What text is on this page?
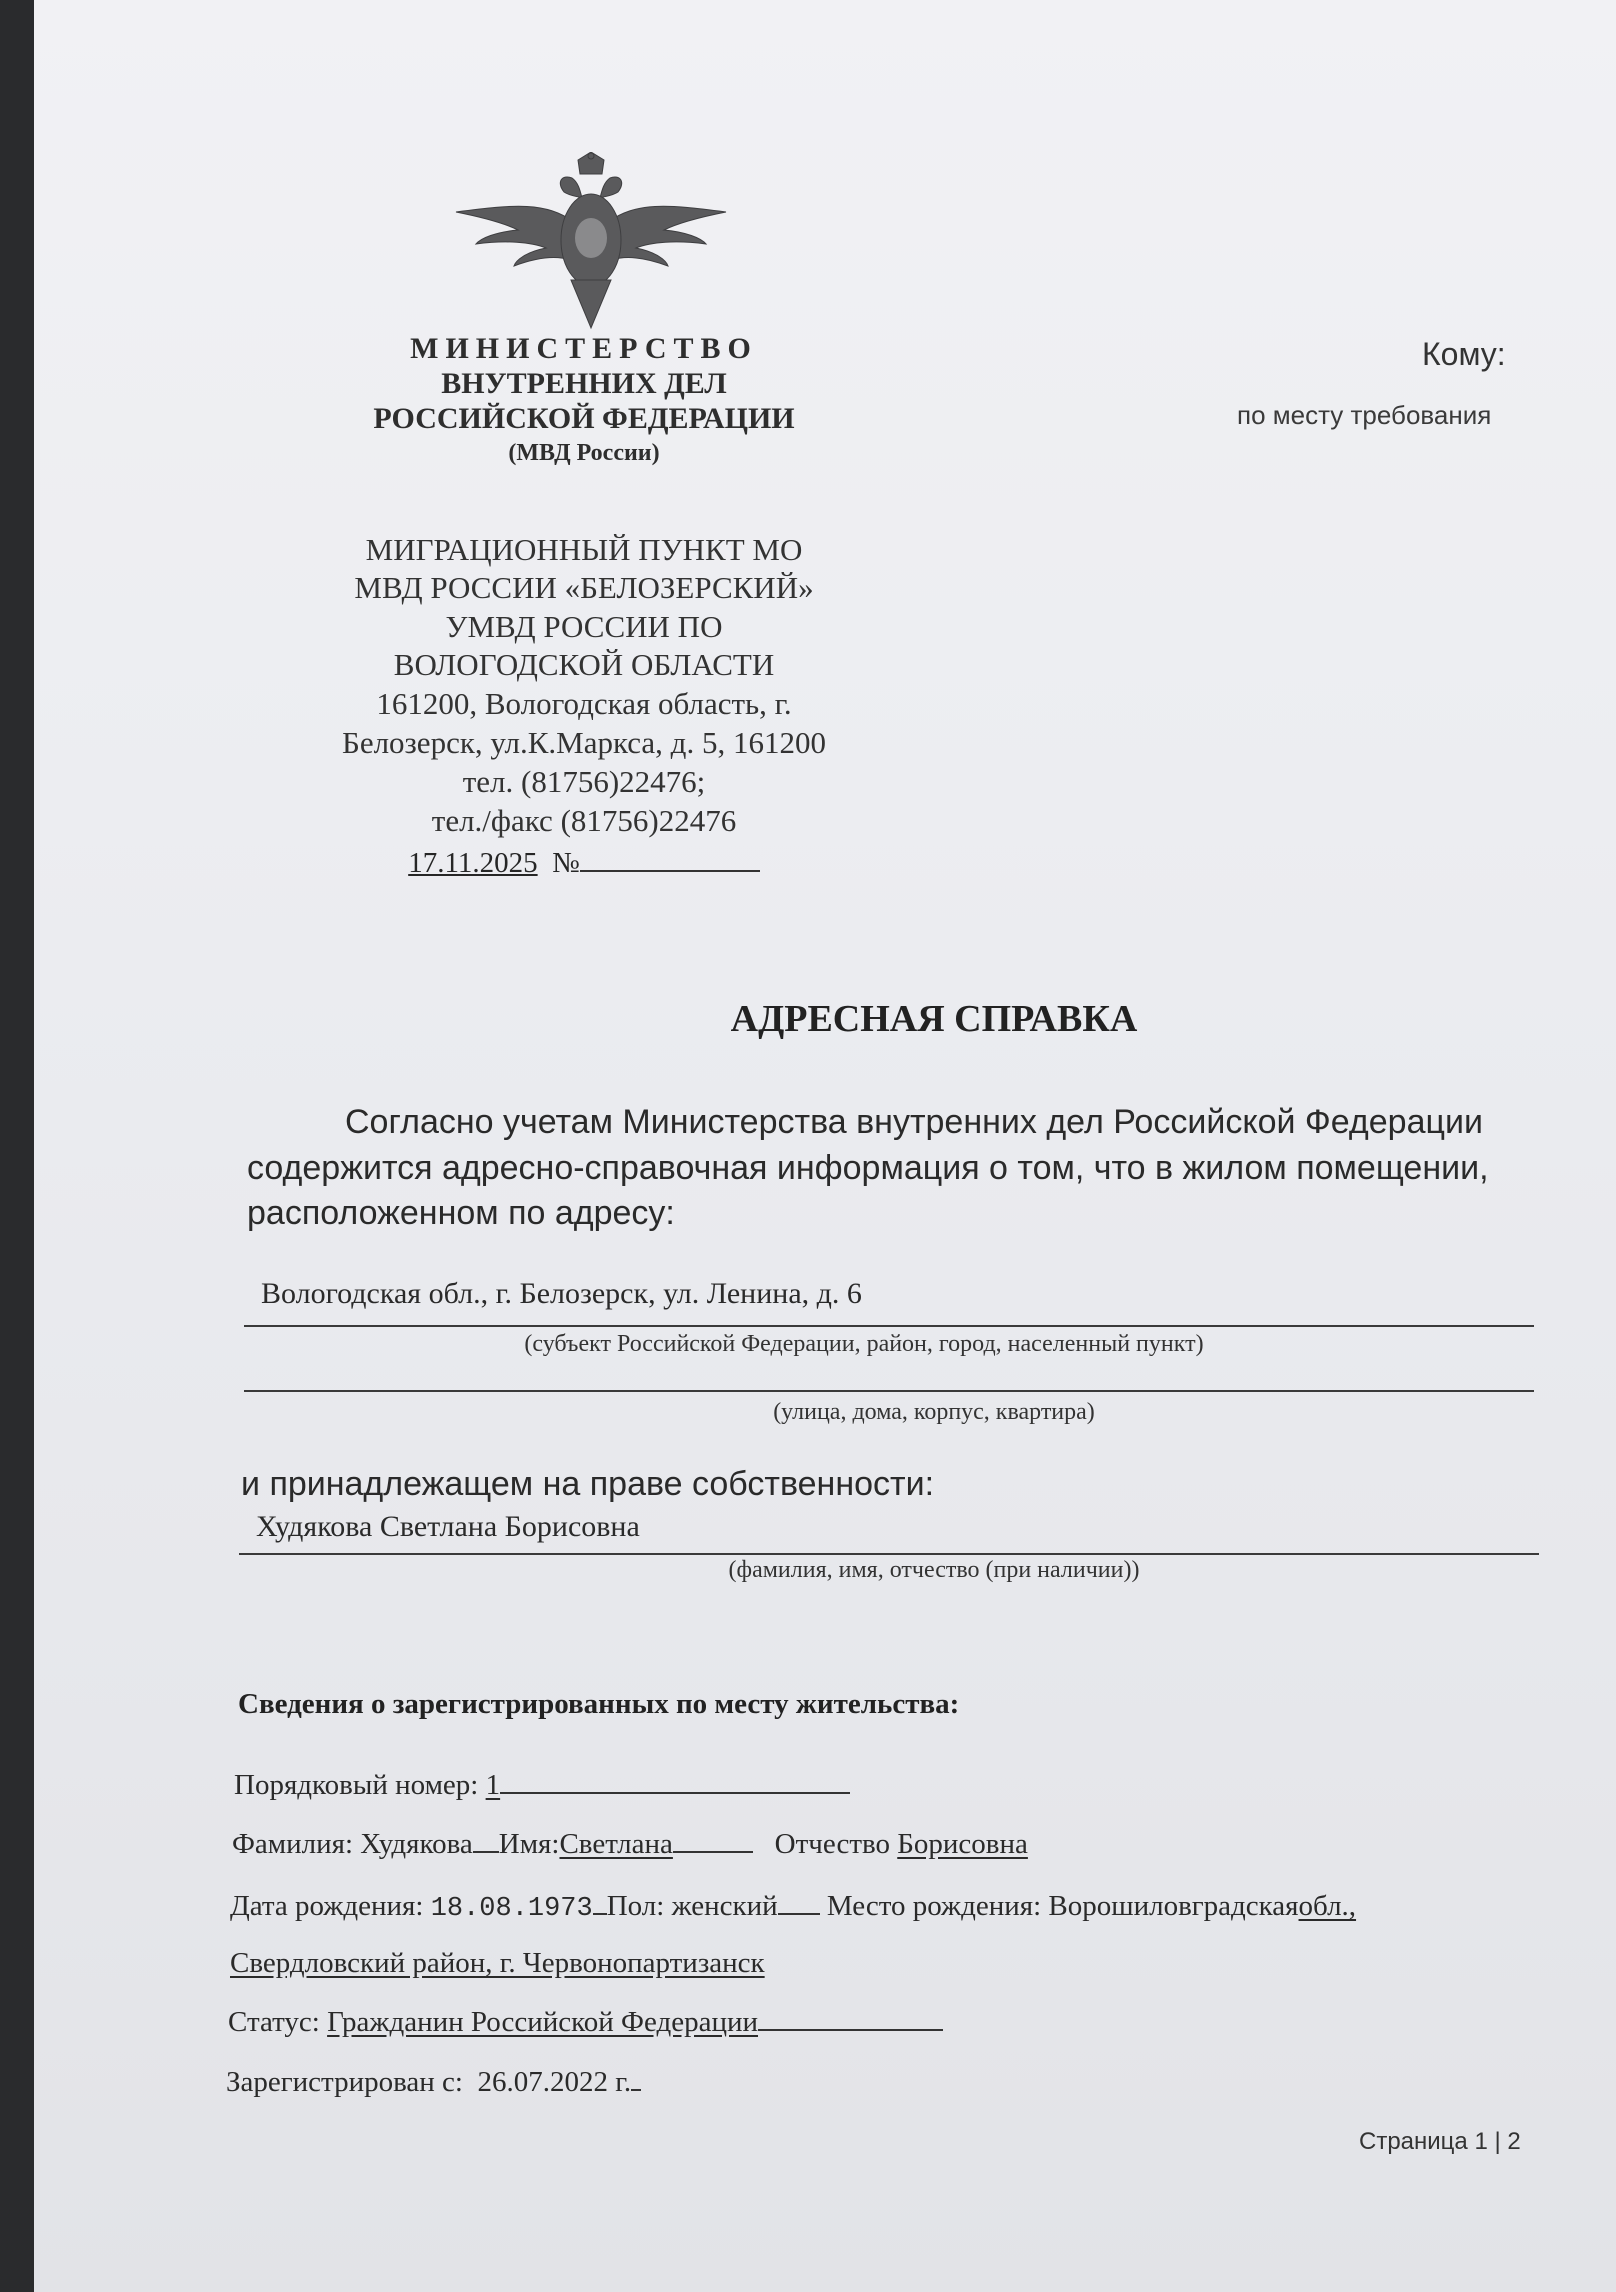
МИНИСТЕРСТВО
ВНУТРЕННИХ ДЕЛ
РОССИЙСКОЙ ФЕДЕРАЦИИ
(МВД России)
МИГРАЦИОННЫЙ ПУНКТ МО
МВД РОССИИ «БЕЛОЗЕРСКИЙ»
УМВД РОССИИ ПО
ВОЛОГОДСКОЙ ОБЛАСТИ
161200, Вологодская область, г.
Белозерск, ул.К.Маркса, д. 5, 161200
тел. (81756)22476;
тел./факс (81756)22476
17.11.2025 №
Кому:
по месту требования
АДРЕСНАЯ СПРАВКА
Согласно учетам Министерства внутренних дел Российской Федерации
содержится адресно-справочная информация о том, что в жилом помещении,
расположенном по адресу:
Вологодская обл., г. Белозерск, ул. Ленина, д. 6
(субъект Российской Федерации, район, город, населенный пункт)
(улица, дома, корпус, квартира)
и принадлежащем на праве собственности:
Худякова Светлана Борисовна
(фамилия, имя, отчество (при наличии))
Сведения о зарегистрированных по месту жительства:
Порядковый номер: 1
Фамилия: Худякова Имя:Светлана	Отчество Борисовна
Дата рождения: 18.08.1973 Пол: женский Место рождения: Ворошиловградскаяобл.,
Свердловский район, г. Червонопартизанск
Статус: Гражданин Российской Федерации
Зарегистрирован с: 26.07.2022 г.
Страница 1 | 2
